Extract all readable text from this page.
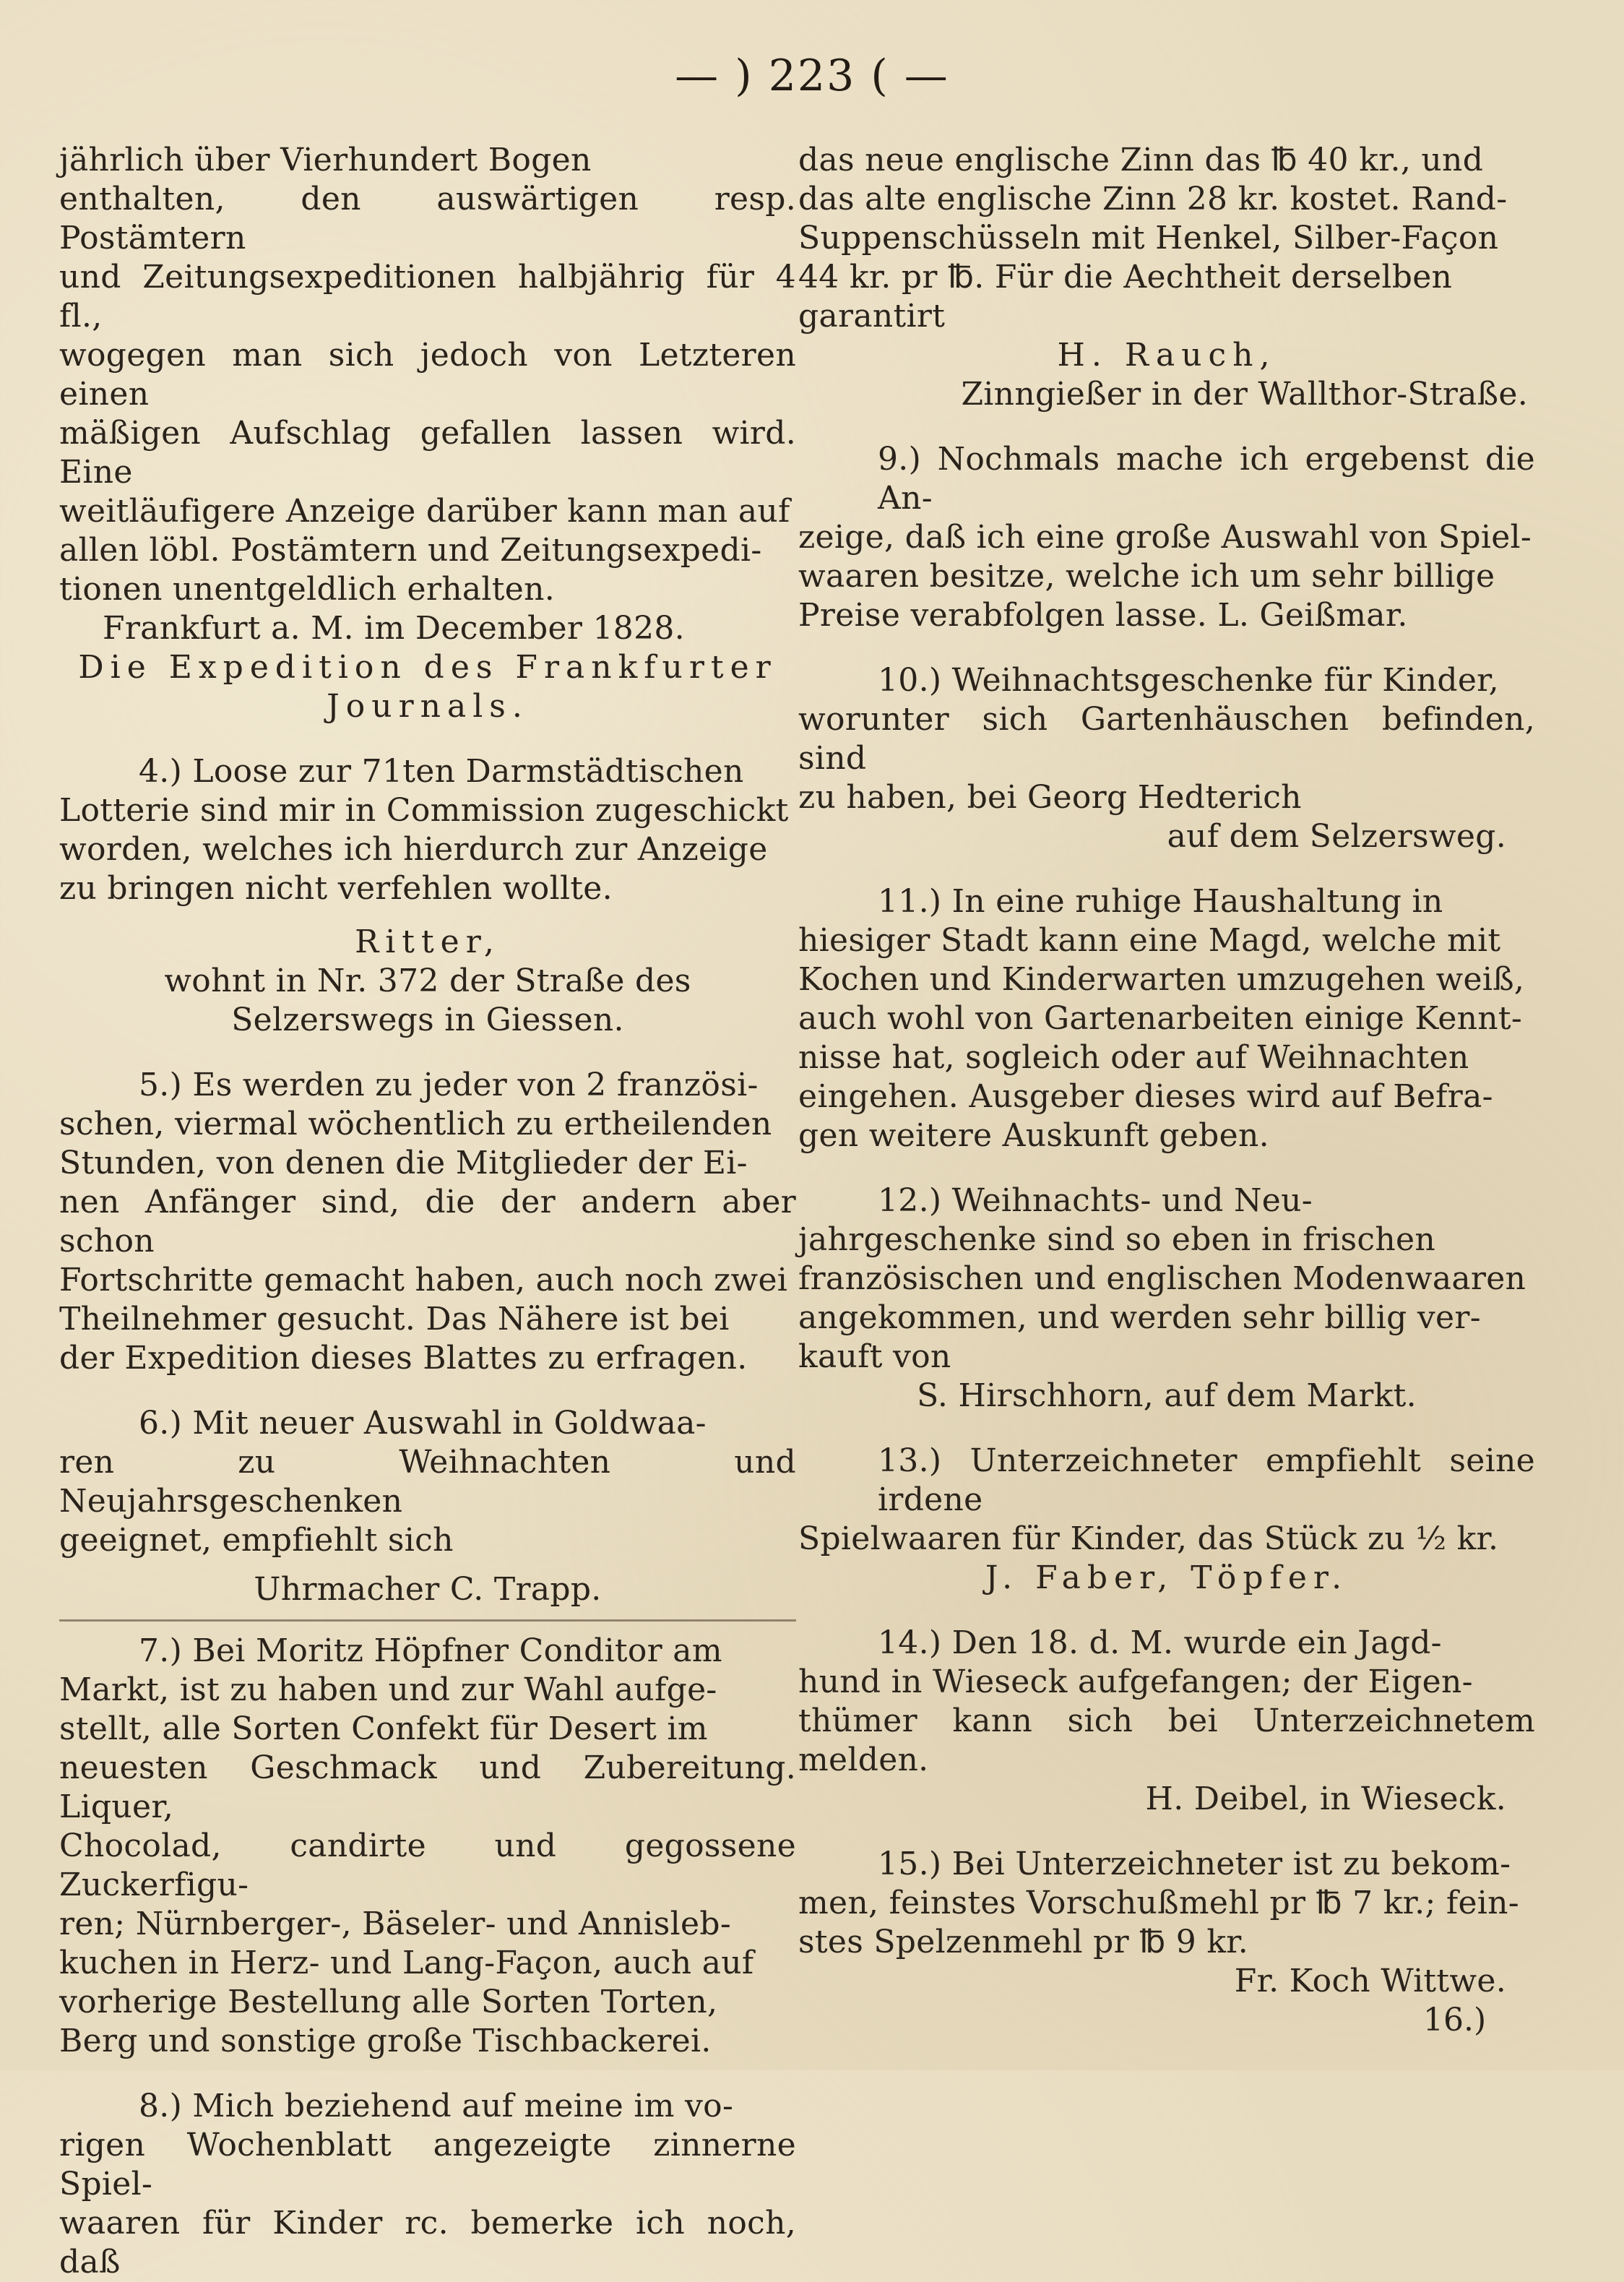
— ) 223 ( —
jährlich über Vierhundert Bogen
enthalten, den auswärtigen resp. Postämtern
und Zeitungsexpeditionen halbjährig für 4 fl.,
wogegen man sich jedoch von Letzteren einen
mäßigen Aufschlag gefallen lassen wird. Eine
weitläufigere Anzeige darüber kann man auf
allen löbl. Postämtern und Zeitungsexpedi-
tionen unentgeldlich erhalten.
Frankfurt a. M. im December 1828.
Die Expedition des Frankfurter
Journals.
4.) Loose zur 71ten Darmstädtischen
Lotterie sind mir in Commission zugeschickt
worden, welches ich hierdurch zur Anzeige
zu bringen nicht verfehlen wollte.
Ritter,
wohnt in Nr. 372 der Straße des
Selzerswegs in Giessen.
5.) Es werden zu jeder von 2 französi-
schen, viermal wöchentlich zu ertheilenden
Stunden, von denen die Mitglieder der Ei-
nen Anfänger sind, die der andern aber schon
Fortschritte gemacht haben, auch noch zwei
Theilnehmer gesucht. Das Nähere ist bei
der Expedition dieses Blattes zu erfragen.
6.) Mit neuer Auswahl in Goldwaa-
ren zu Weihnachten und Neujahrsgeschenken
geeignet, empfiehlt sich
Uhrmacher C. Trapp.
7.) Bei Moritz Höpfner Conditor am
Markt, ist zu haben und zur Wahl aufge-
stellt, alle Sorten Confekt für Desert im
neuesten Geschmack und Zubereitung. Liquer,
Chocolad, candirte und gegossene Zuckerfigu-
ren; Nürnberger-, Bäseler- und Annisleb-
kuchen in Herz- und Lang-Façon, auch auf
vorherige Bestellung alle Sorten Torten,
Berg und sonstige große Tischbackerei.
8.) Mich beziehend auf meine im vo-
rigen Wochenblatt angezeigte zinnerne Spiel-
waaren für Kinder rc. bemerke ich noch, daß
das neue englische Zinn das ℔ 40 kr., und
das alte englische Zinn 28 kr. kostet. Rand-
Suppenschüsseln mit Henkel, Silber-Façon
44 kr. pr ℔. Für die Aechtheit derselben
garantirt
H. Rauch,
Zinngießer in der Wallthor-Straße.
9.) Nochmals mache ich ergebenst die An-
zeige, daß ich eine große Auswahl von Spiel-
waaren besitze, welche ich um sehr billige
Preise verabfolgen lasse. L. Geißmar.
10.) Weihnachtsgeschenke für Kinder,
worunter sich Gartenhäuschen befinden, sind
zu haben, bei Georg Hedterich
auf dem Selzersweg.
11.) In eine ruhige Haushaltung in
hiesiger Stadt kann eine Magd, welche mit
Kochen und Kinderwarten umzugehen weiß,
auch wohl von Gartenarbeiten einige Kennt-
nisse hat, sogleich oder auf Weihnachten
eingehen. Ausgeber dieses wird auf Befra-
gen weitere Auskunft geben.
12.) Weihnachts- und Neu-
jahrgeschenke sind so eben in frischen
französischen und englischen Modenwaaren
angekommen, und werden sehr billig ver-
kauft von
S. Hirschhorn, auf dem Markt.
13.) Unterzeichneter empfiehlt seine irdene
Spielwaaren für Kinder, das Stück zu ½ kr.
J. Faber, Töpfer.
14.) Den 18. d. M. wurde ein Jagd-
hund in Wieseck aufgefangen; der Eigen-
thümer kann sich bei Unterzeichnetem melden.
H. Deibel, in Wieseck.
15.) Bei Unterzeichneter ist zu bekom-
men, feinstes Vorschußmehl pr ℔ 7 kr.; fein-
stes Spelzenmehl pr ℔ 9 kr.
Fr. Koch Wittwe.
16.)
